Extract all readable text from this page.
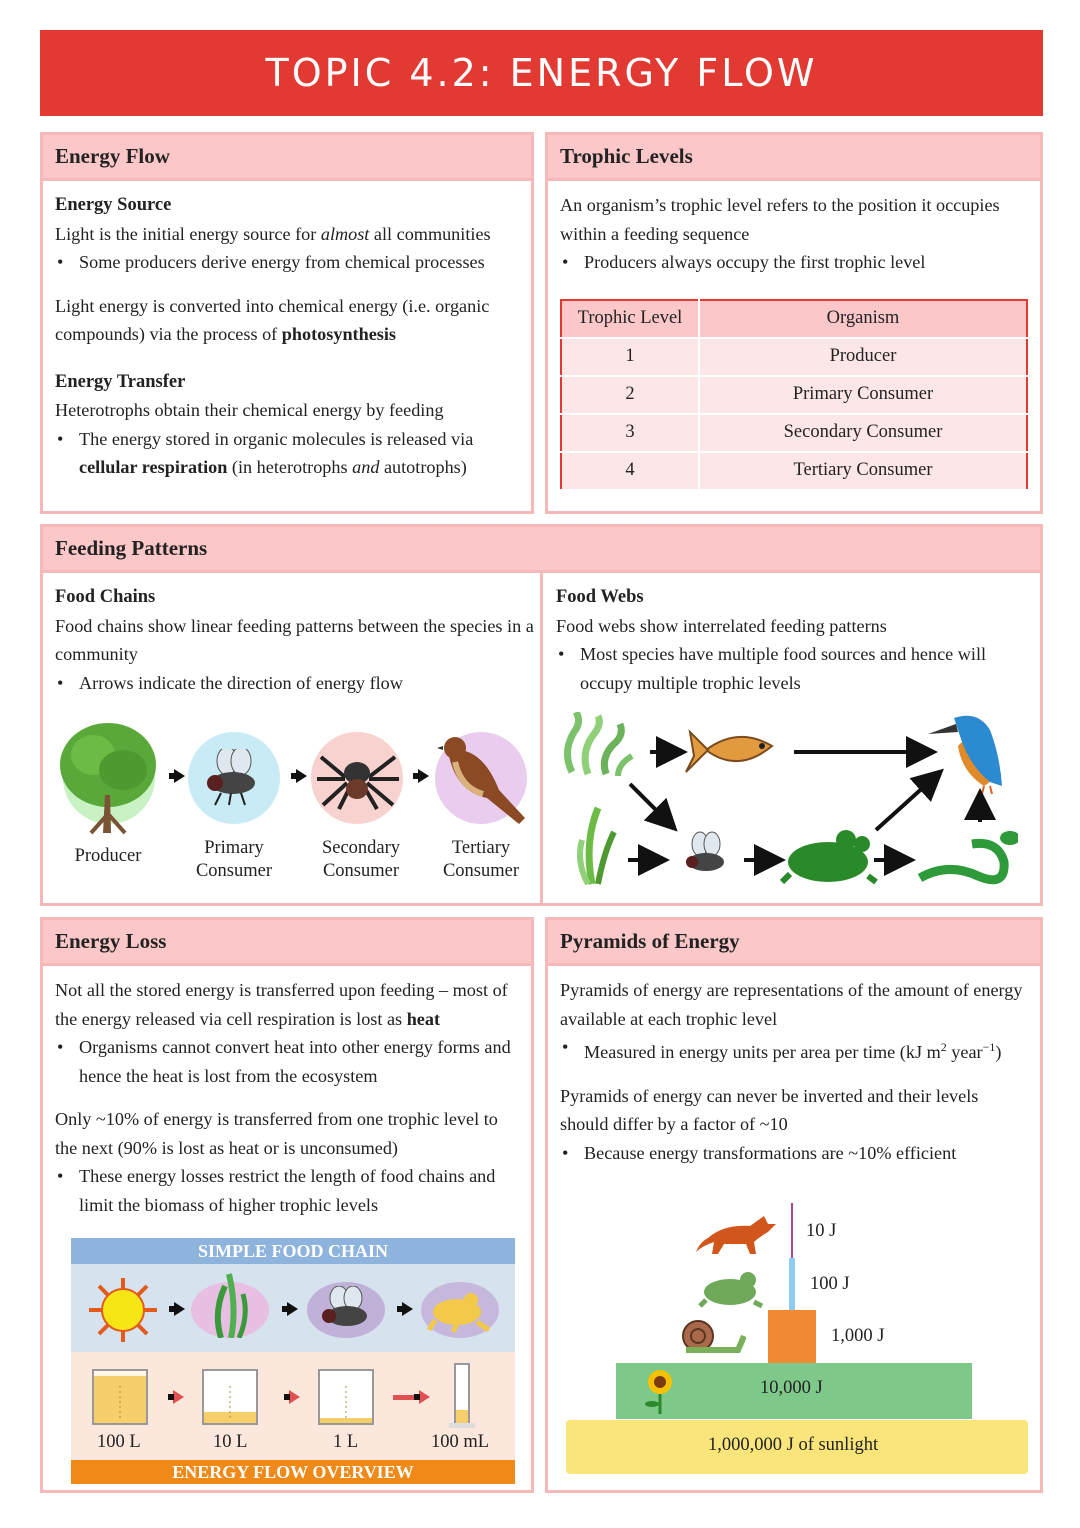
TOPIC 4.2: ENERGY FLOW
Energy Flow
Energy Source
Light is the initial energy source for almost all communities
• Some producers derive energy from chemical processes
Light energy is converted into chemical energy (i.e. organic compounds) via the process of photosynthesis
Energy Transfer
Heterotrophs obtain their chemical energy by feeding
• The energy stored in organic molecules is released via cellular respiration (in heterotrophs and autotrophs)
Trophic Levels
An organism’s trophic level refers to the position it occupies within a feeding sequence
• Producers always occupy the first trophic level
Trophic Level	Organism
1	Producer
2	Primary Consumer
3	Secondary Consumer
4	Tertiary Consumer
Feeding Patterns
Food Chains
Food chains show linear feeding patterns between the species in a community
• Arrows indicate the direction of energy flow
Producer	Primary
Consumer
Secondary
Consumer
Tertiary
Consumer
Food Webs
Food webs show interrelated feeding patterns
• Most species have multiple food sources and hence will occupy multiple trophic levels
Energy Loss
Not all the stored energy is transferred upon feeding – most of the energy released via cell respiration is lost as heat
• Organisms cannot convert heat into other energy forms and hence the heat is lost from the ecosystem
Only ~10% of energy is transferred from one trophic level to the next (90% is lost as heat or is unconsumed)
• These energy losses restrict the length of food chains and limit the biomass of higher trophic levels
SIMPLE FOOD CHAIN
100 L	10 L	1 L	100 mL
ENERGY FLOW OVERVIEW
Pyramids of Energy
Pyramids of energy are representations of the amount of energy available at each trophic level
• Measured in energy units per area per time (kJ $m^2$ year$^{-1}$)
Pyramids of energy can never be inverted and their levels should differ by a factor of ~10
• Because energy transformations are ~10% efficient
1,000,000 J of sunlight
10,000 J
1,000 J
100 J
10 J
